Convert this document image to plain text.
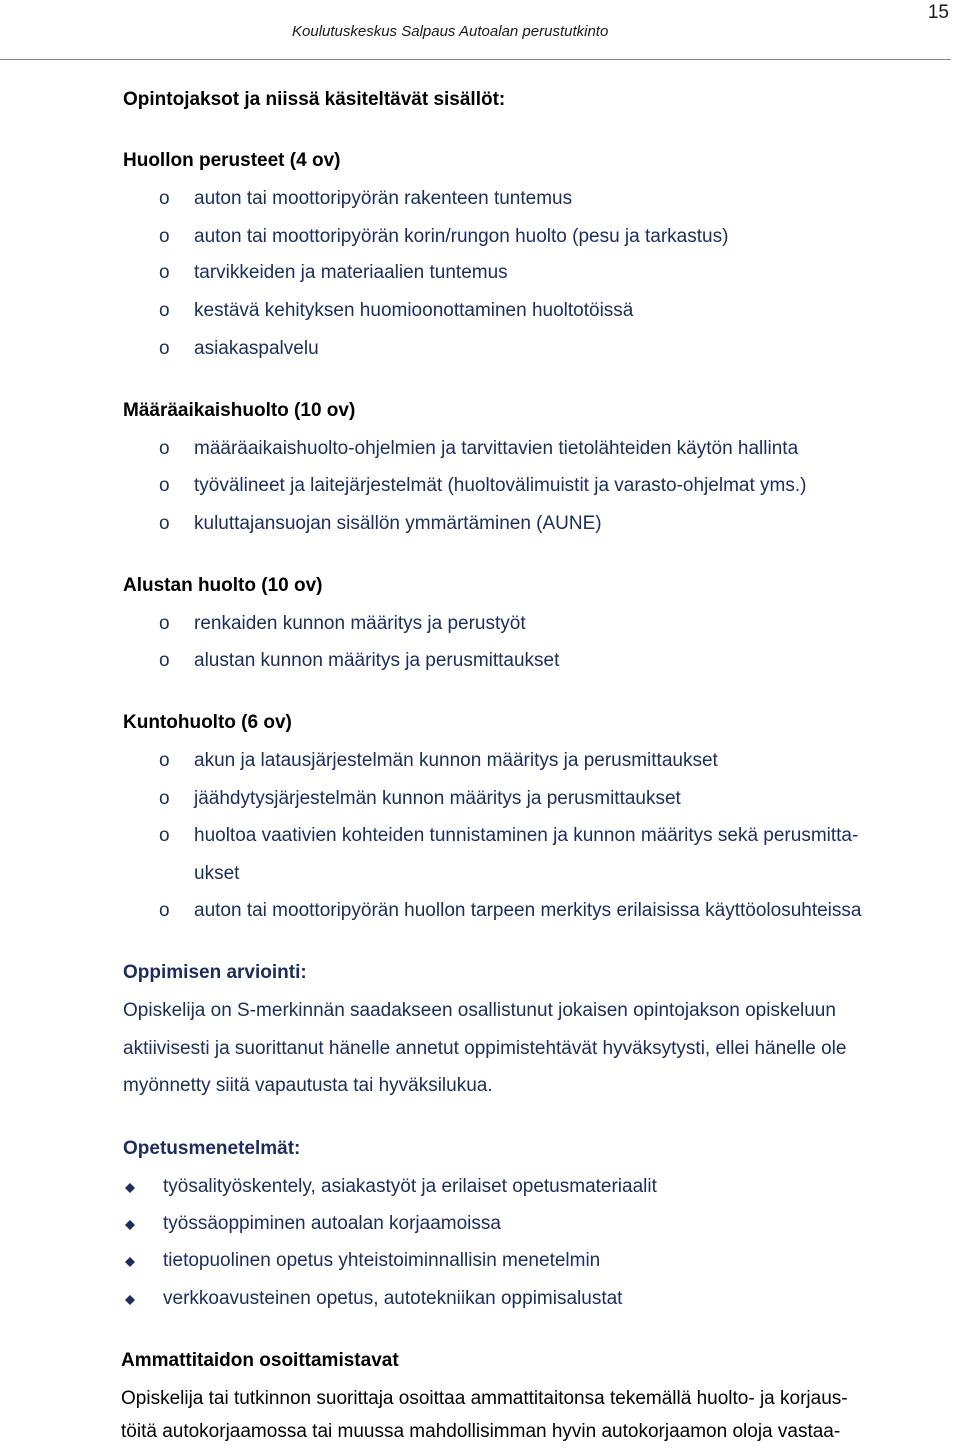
Koulutuskeskus Salpaus Autoalan perustutkinto
15
Opintojaksot ja niissä käsiteltävät sisällöt:
Huollon perusteet (4 ov)
o auton tai moottoripyörän rakenteen tuntemus
o auton tai moottoripyörän korin/rungon huolto (pesu ja tarkastus)
o tarvikkeiden ja materiaalien tuntemus
o kestävä kehityksen huomioonottaminen huoltotöissä
o asiakaspalvelu
Määräaikaishuolto (10 ov)
o määräaikaishuolto-ohjelmien ja tarvittavien tietolähteiden käytön hallinta
o työvälineet ja laitejärjestelmät (huoltovälimuistit ja varasto-ohjelmat yms.)
o kuluttajansuojan sisällön ymmärtäminen (AUNE)
Alustan huolto (10 ov)
o renkaiden kunnon määritys ja perustyöt
o alustan kunnon määritys ja perusmittaukset
Kuntohuolto (6 ov)
o akun ja latausjärjestelmän kunnon määritys ja perusmittaukset
o jäähdytysjärjestelmän kunnon määritys ja perusmittaukset
o huoltoa vaativien kohteiden tunnistaminen ja kunnon määritys sekä perusmitta-
ukset
o auton tai moottoripyörän huollon tarpeen merkitys erilaisissa käyttöolosuhteissa
Oppimisen arviointi:
Opiskelija on S-merkinnän saadakseen osallistunut jokaisen opintojakson opiskeluun
aktiivisesti ja suorittanut hänelle annetut oppimistehtävät hyväksytysti, ellei hänelle ole
myönnetty siitä vapautusta tai hyväksilukua.
Opetusmenetelmät:
työsalityöskentely, asiakastyöt ja erilaiset opetusmateriaalit
työssäoppiminen autoalan korjaamoissa
tietopuolinen opetus yhteistoiminnallisin menetelmin
verkkoavusteinen opetus, autotekniikan oppimisalustat
Ammattitaidon osoittamistavat
Opiskelija tai tutkinnon suorittaja osoittaa ammattitaitonsa tekemällä huolto- ja korjaus-
töitä autokorjaamossa tai muussa mahdollisimman hyvin autokorjaamon oloja vastaa-
